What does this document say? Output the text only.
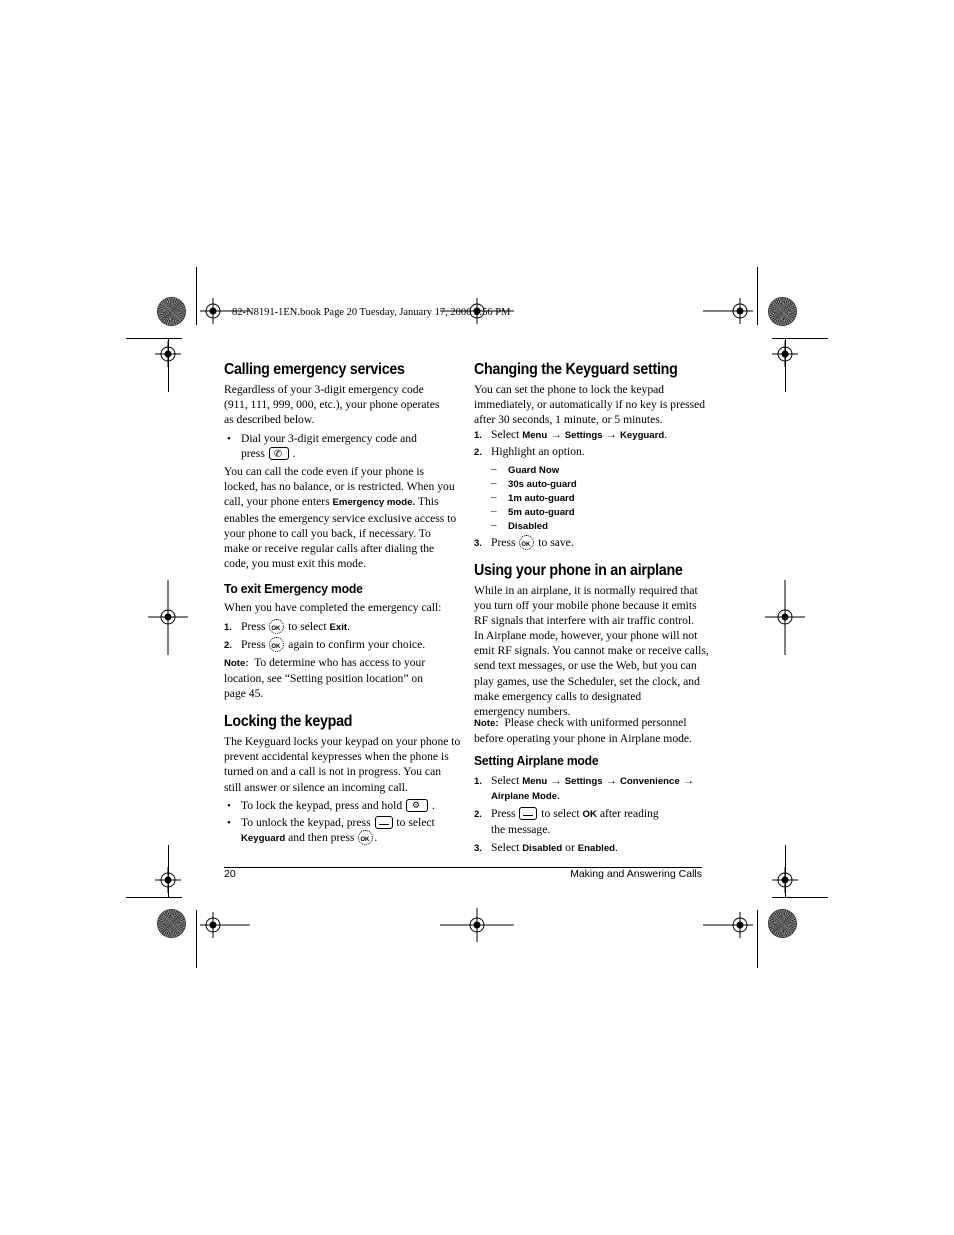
82-N8191-1EN.book Page 20 Tuesday, January 17, 2006 2:56 PM
Calling emergency services
Regardless of your 3-digit emergency code
(911, 111, 999, 000, etc.), your phone operates
as described below.
• Dial your 3-digit emergency code and
press ✆ .
You can call the code even if your phone is
locked, has no balance, or is restricted. When you
call, your phone enters Emergency mode. This
enables the emergency service exclusive access to
your phone to call you back, if necessary. To
make or receive regular calls after dialing the
code, you must exit this mode.
To exit Emergency mode
When you have completed the emergency call:
1. Press OK to select Exit.
2. Press OK again to confirm your choice.
Note: To determine who has access to your
location, see “Setting position location” on
page 45.
Locking the keypad
The Keyguard locks your keypad on your phone to
prevent accidental keypresses when the phone is
turned on and a call is not in progress. You can
still answer or silence an incoming call.
• To lock the keypad, press and hold ⚙ .
• To unlock the keypad, press to select
Keyguard and then press OK .
Changing the Keyguard setting
You can set the phone to lock the keypad
immediately, or automatically if no key is pressed
after 30 seconds, 1 minute, or 5 minutes.
1. Select Menu → Settings → Keyguard.
2. Highlight an option.
– Guard Now
– 30s auto-guard
– 1m auto-guard
– 5m auto-guard
– Disabled
3. Press OK to save.
Using your phone in an airplane
While in an airplane, it is normally required that
you turn off your mobile phone because it emits
RF signals that interfere with air traffic control.
In Airplane mode, however, your phone will not
emit RF signals. You cannot make or receive calls,
send text messages, or use the Web, but you can
play games, use the Scheduler, set the clock, and
make emergency calls to designated
emergency numbers.
Note: Please check with uniformed personnel
before operating your phone in Airplane mode.
Setting Airplane mode
1. Select Menu → Settings → Convenience →
Airplane Mode.
2. Press to select OK after reading
the message.
3. Select Disabled or Enabled.
20	Making and Answering Calls
